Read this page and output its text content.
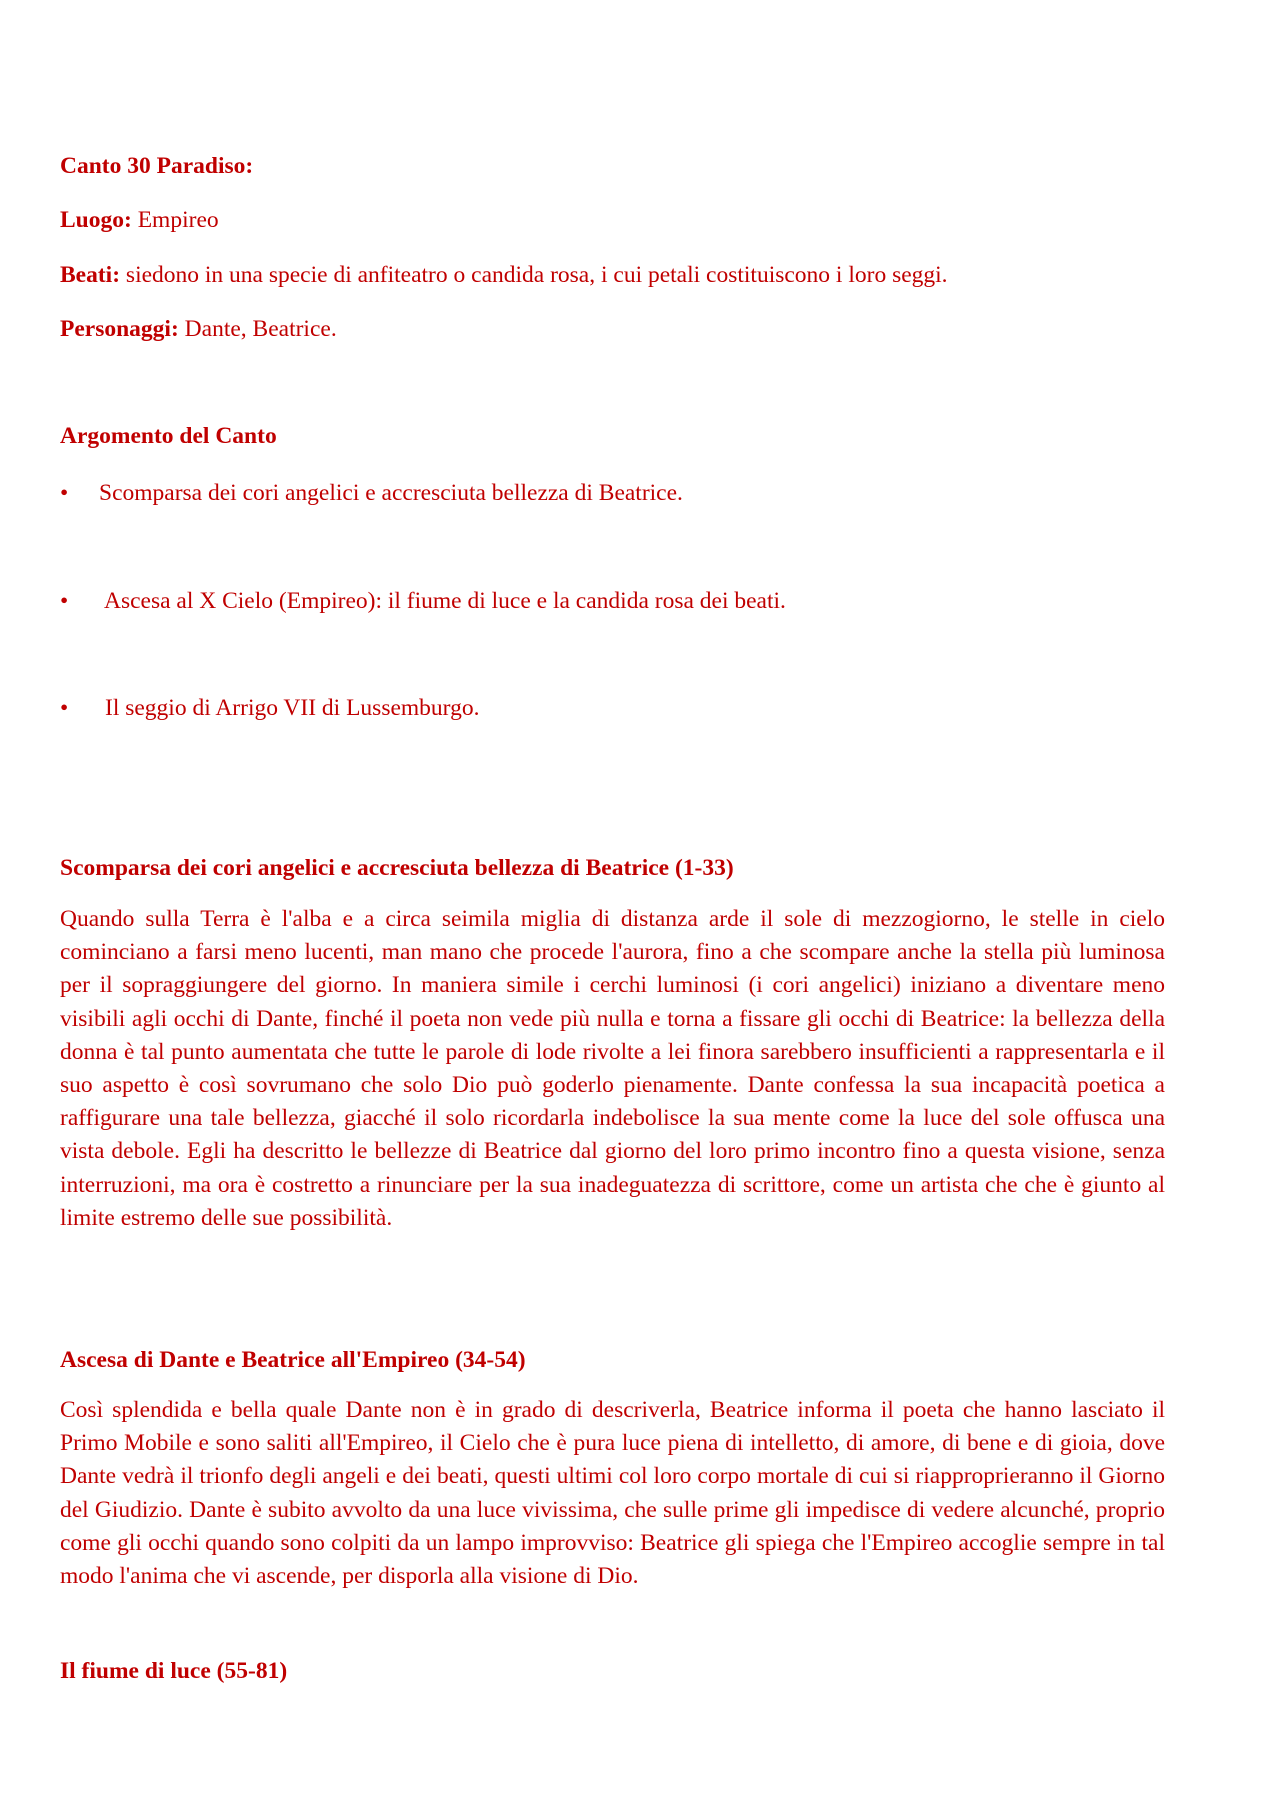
Canto 30 Paradiso:
Luogo: Empireo
Beati: siedono in una specie di anfiteatro o candida rosa, i cui petali costituiscono i loro seggi.
Personaggi: Dante, Beatrice.
Argomento del Canto
• Scomparsa dei cori angelici e accresciuta bellezza di Beatrice.
• Ascesa al X Cielo (Empireo): il fiume di luce e la candida rosa dei beati.
• Il seggio di Arrigo VII di Lussemburgo.
Scomparsa dei cori angelici e accresciuta bellezza di Beatrice (1-33)
Quando sulla Terra è l'alba e a circa seimila miglia di distanza arde il sole di mezzogiorno, le stelle in cielo cominciano a farsi meno lucenti, man mano che procede l'aurora, fino a che scompare anche la stella più luminosa per il sopraggiungere del giorno. In maniera simile i cerchi luminosi (i cori angelici) iniziano a diventare meno visibili agli occhi di Dante, finché il poeta non vede più nulla e torna a fissare gli occhi di Beatrice: la bellezza della donna è tal punto aumentata che tutte le parole di lode rivolte a lei finora sarebbero insufficienti a rappresentarla e il suo aspetto è così sovrumano che solo Dio può goderlo pienamente. Dante confessa la sua incapacità poetica a raffigurare una tale bellezza, giacché il solo ricordarla indebolisce la sua mente come la luce del sole offusca una vista debole. Egli ha descritto le bellezze di Beatrice dal giorno del loro primo incontro fino a questa visione, senza interruzioni, ma ora è costretto a rinunciare per la sua inadeguatezza di scrittore, come un artista che che è giunto al limite estremo delle sue possibilità.
Ascesa di Dante e Beatrice all'Empireo (34-54)
Così splendida e bella quale Dante non è in grado di descriverla, Beatrice informa il poeta che hanno lasciato il Primo Mobile e sono saliti all'Empireo, il Cielo che è pura luce piena di intelletto, di amore, di bene e di gioia, dove Dante vedrà il trionfo degli angeli e dei beati, questi ultimi col loro corpo mortale di cui si riapproprieranno il Giorno del Giudizio. Dante è subito avvolto da una luce vivissima, che sulle prime gli impedisce di vedere alcunché, proprio come gli occhi quando sono colpiti da un lampo improvviso: Beatrice gli spiega che l'Empireo accoglie sempre in tal modo l'anima che vi ascende, per disporla alla visione di Dio.
Il fiume di luce (55-81)
